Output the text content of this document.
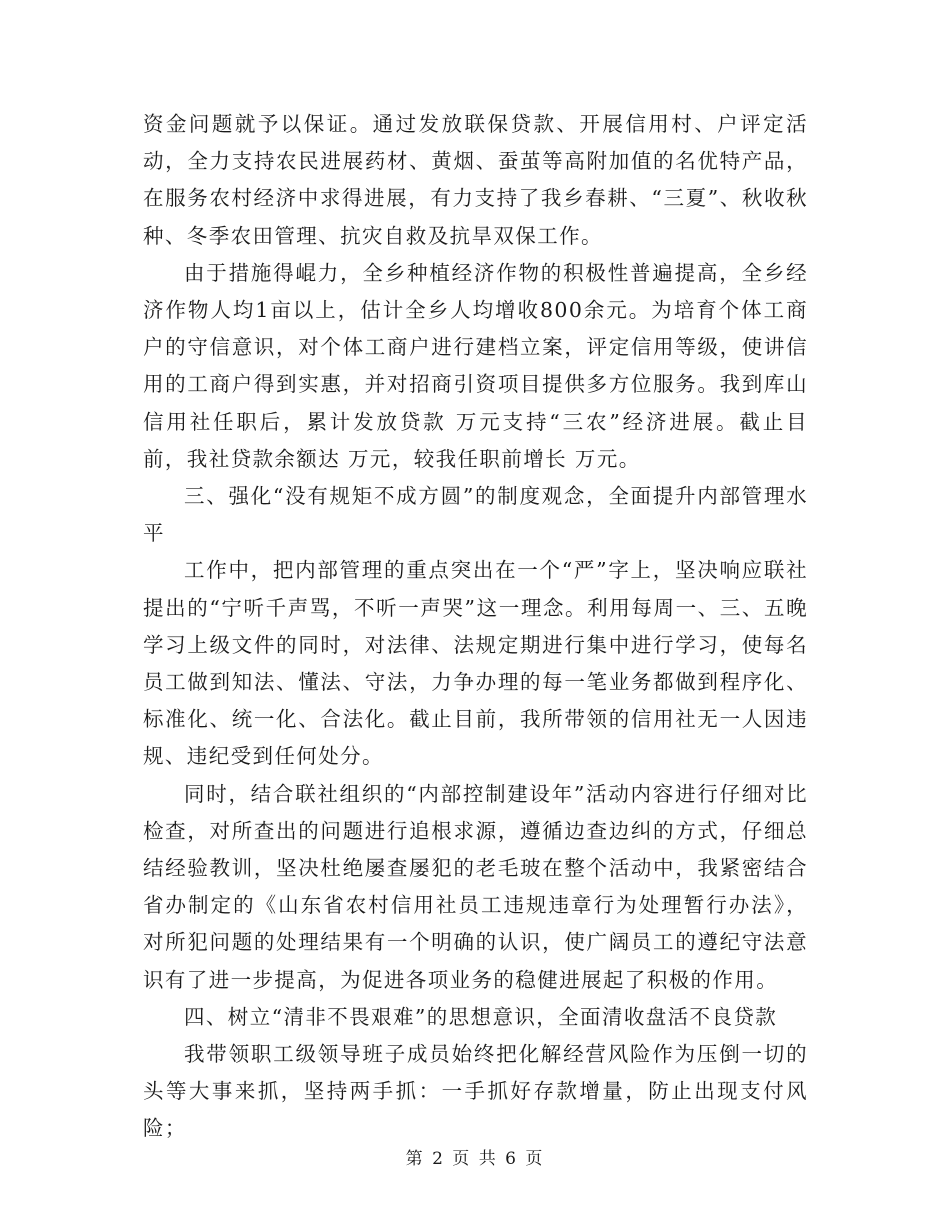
资金问题就予以保证。通过发放联保贷款、开展信用村、户评定活动，全力支持农民进展药材、黄烟、蚕茧等高附加值的名优特产品，在服务农村经济中求得进展，有力支持了我乡春耕、“三夏”、秋收秋种、冬季农田管理、抗灾自救及抗旱双保工作。

由于措施得崐力，全乡种植经济作物的积极性普遍提高，全乡经济作物人均1亩以上，估计全乡人均增收800余元。为培育个体工商户的守信意识，对个体工商户进行建档立案，评定信用等级，使讲信用的工商户得到实惠，并对招商引资项目提供多方位服务。我到库山信用社任职后，累计发放贷款 万元支持“三农”经济进展。截止目前，我社贷款余额达 万元，较我任职前增长 万元。

三、强化“没有规矩不成方圆”的制度观念，全面提升内部管理水平

工作中，把内部管理的重点突出在一个“严”字上，坚决响应联社提出的“宁听千声骂，不听一声哭”这一理念。利用每周一、三、五晚学习上级文件的同时，对法律、法规定期进行集中进行学习，使每名员工做到知法、懂法、守法，力争办理的每一笔业务都做到程序化、标准化、统一化、合法化。截止目前，我所带领的信用社无一人因违规、违纪受到任何处分。

同时，结合联社组织的“内部控制建设年”活动内容进行仔细对比检查，对所查出的问题进行追根求源，遵循边查边纠的方式，仔细总结经验教训，坚决杜绝屡查屡犯的老毛玻在整个活动中，我紧密结合省办制定的《山东省农村信用社员工违规违章行为处理暂行办法》，对所犯问题的处理结果有一个明确的认识，使广阔员工的遵纪守法意识有了进一步提高，为促进各项业务的稳健进展起了积极的作用。

四、树立“清非不畏艰难”的思想意识，全面清收盘活不良贷款

我带领职工级领导班子成员始终把化解经营风险作为压倒一切的头等大事来抓，坚持两手抓：一手抓好存款增量，防止出现支付风险；

第 2 页 共 6 页
